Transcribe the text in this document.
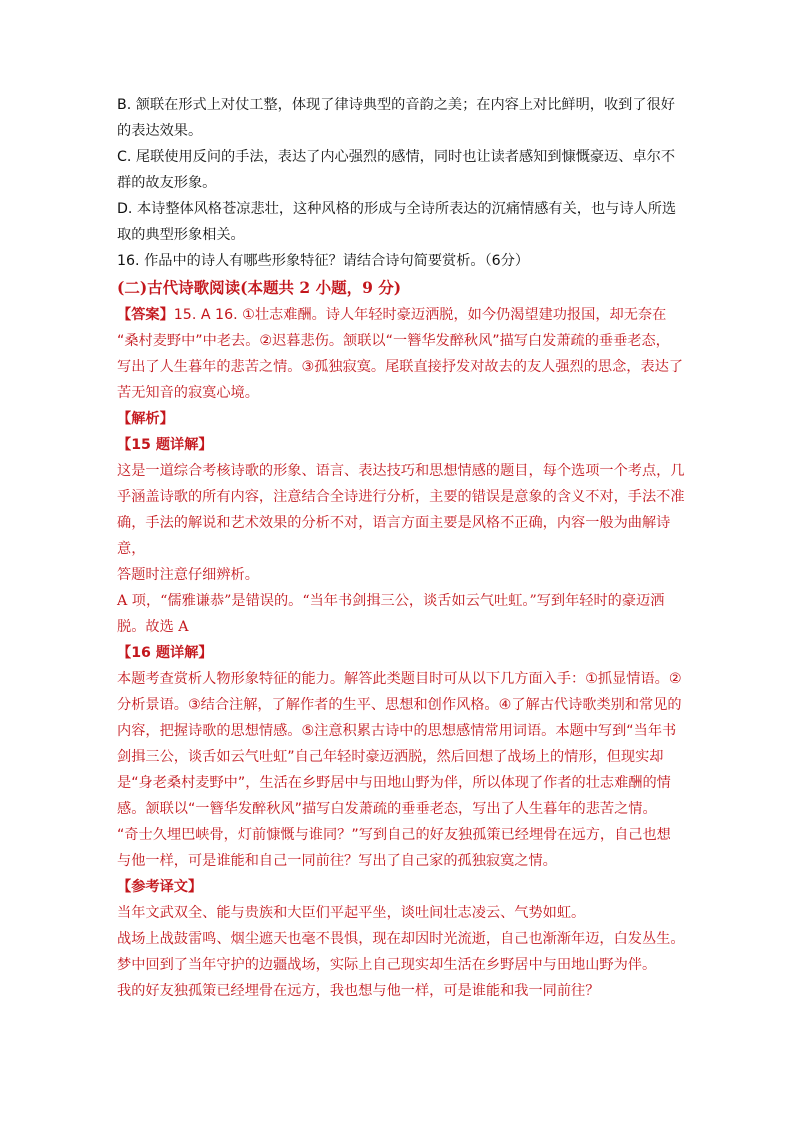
B. 颔联在形式上对仗工整，体现了律诗典型的音韵之美；在内容上对比鲜明，收到了很好

的表达效果。

C. 尾联使用反问的手法，表达了内心强烈的感情，同时也让读者感知到慷慨豪迈、卓尔不

群的故友形象。

D. 本诗整体风格苍凉悲壮，这种风格的形成与全诗所表达的沉痛情感有关，也与诗人所选

取的典型形象相关。

16. 作品中的诗人有哪些形象特征？请结合诗句简要赏析。（6分）

(二)古代诗歌阅读(本题共 2 小题，9 分)

【答案】15. A 16. ①壮志难酬。诗人年轻时豪迈洒脱，如今仍渴望建功报国，却无奈在

“桑村麦野中”中老去。②迟暮悲伤。颔联以“一簪华发醉秋风”描写白发萧疏的垂垂老态，

写出了人生暮年的悲苦之情。③孤独寂寞。尾联直接抒发对故去的友人强烈的思念，表达了

苦无知音的寂寞心境。

【解析】

【15 题详解】

这是一道综合考核诗歌的形象、语言、表达技巧和思想情感的题目，每个选项一个考点，几

乎涵盖诗歌的所有内容，注意结合全诗进行分析，主要的错误是意象的含义不对，手法不准

确，手法的解说和艺术效果的分析不对，语言方面主要是风格不正确，内容一般为曲解诗意，

答题时注意仔细辨析。

A 项，“儒雅谦恭”是错误的。“当年书剑揖三公，谈舌如云气吐虹。”写到年轻时的豪迈洒

脱。故选 A

【16 题详解】

本题考查赏析人物形象特征的能力。解答此类题目时可从以下几方面入手：①抓显情语。②

分析景语。③结合注解，了解作者的生平、思想和创作风格。④了解古代诗歌类别和常见的

内容，把握诗歌的思想情感。⑤注意积累古诗中的思想感情常用词语。本题中写到“当年书

剑揖三公，谈舌如云气吐虹”自己年轻时豪迈洒脱，然后回想了战场上的情形，但现实却

是“身老桑村麦野中”，生活在乡野居中与田地山野为伴，所以体现了作者的壮志难酬的情

感。颔联以“一簪华发醉秋风”描写白发萧疏的垂垂老态，写出了人生暮年的悲苦之情。

“奇士久埋巴峡骨，灯前慷慨与谁同？”写到自己的好友独孤策已经埋骨在远方，自己也想

与他一样，可是谁能和自己一同前往？写出了自己家的孤独寂寞之情。

【参考译文】

当年文武双全、能与贵族和大臣们平起平坐，谈吐间壮志凌云、气势如虹。

战场上战鼓雷鸣、烟尘遮天也毫不畏惧，现在却因时光流逝，自己也渐渐年迈，白发丛生。

梦中回到了当年守护的边疆战场，实际上自己现实却生活在乡野居中与田地山野为伴。

我的好友独孤策已经埋骨在远方，我也想与他一样，可是谁能和我一同前往？
